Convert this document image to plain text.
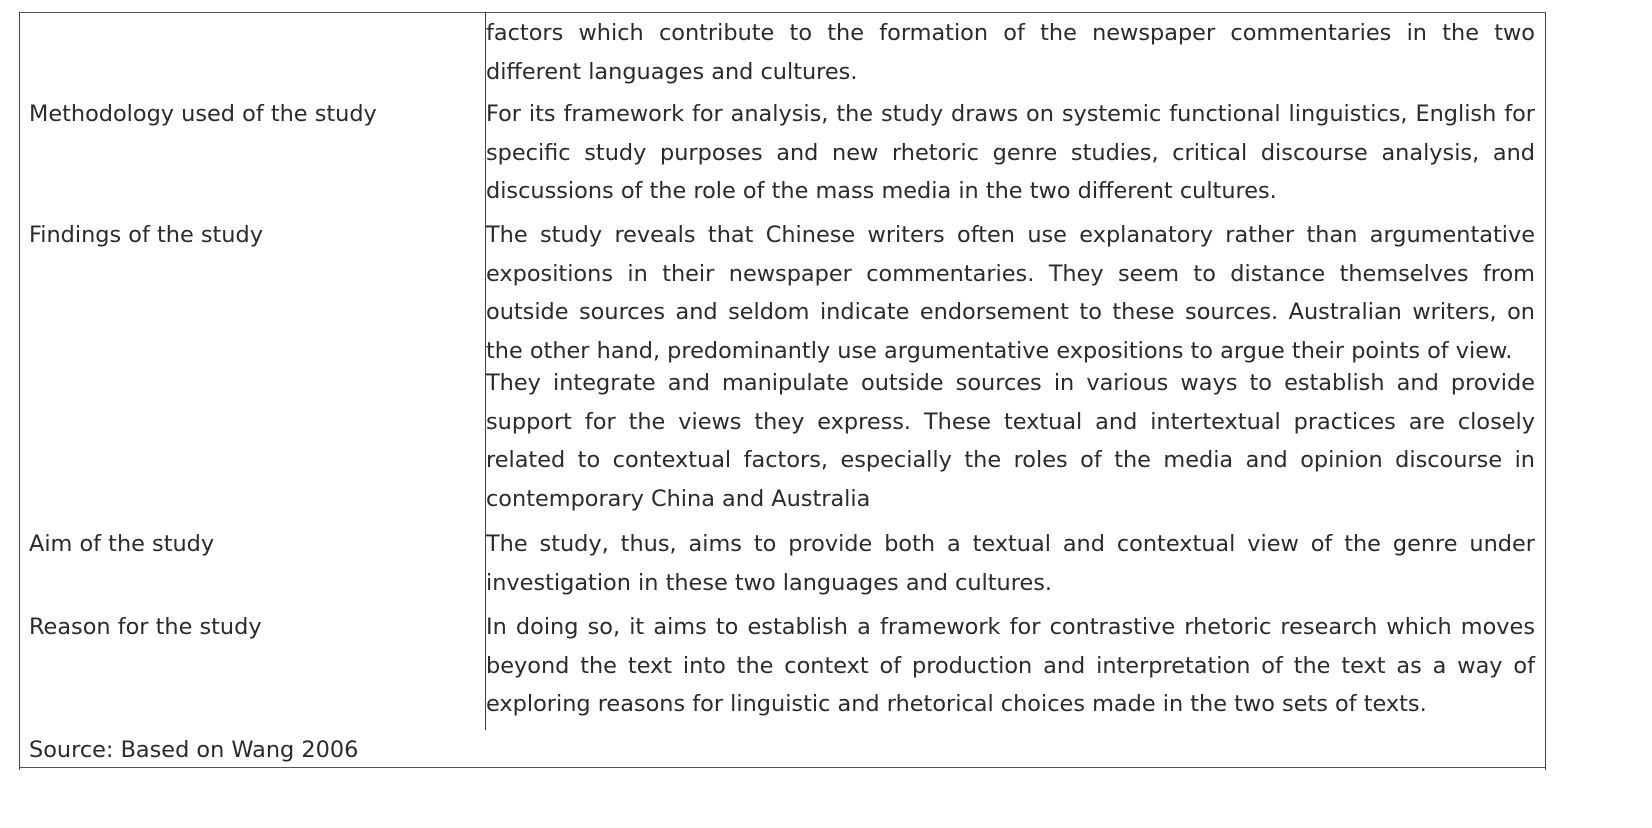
	factors which contribute to the formation of the newspaper commentaries in the two different languages and cultures.
Methodology used of the study	For its framework for analysis, the study draws on systemic functional linguistics, English for specific study purposes and new rhetoric genre studies, critical discourse analysis, and discussions of the role of the mass media in the two different cultures.
Findings of the study	The study reveals that Chinese writers often use explanatory rather than argumentative expositions in their newspaper commentaries. They seem to distance themselves from outside sources and seldom indicate endorsement to these sources. Australian writers, on the other hand, predominantly use argumentative expositions to argue their points of view.
They integrate and manipulate outside sources in various ways to establish and provide support for the views they express. These textual and intertextual practices are closely related to contextual factors, especially the roles of the media and opinion discourse in contemporary China and Australia

Aim of the study	The study, thus, aims to provide both a textual and contextual view of the genre under investigation in these two languages and cultures.
Reason for the study	In doing so, it aims to establish a framework for contrastive rhetoric research which moves beyond the text into the context of production and interpretation of the text as a way of exploring reasons for linguistic and rhetorical choices made in the two sets of texts.
Source: Based on Wang 2006	
